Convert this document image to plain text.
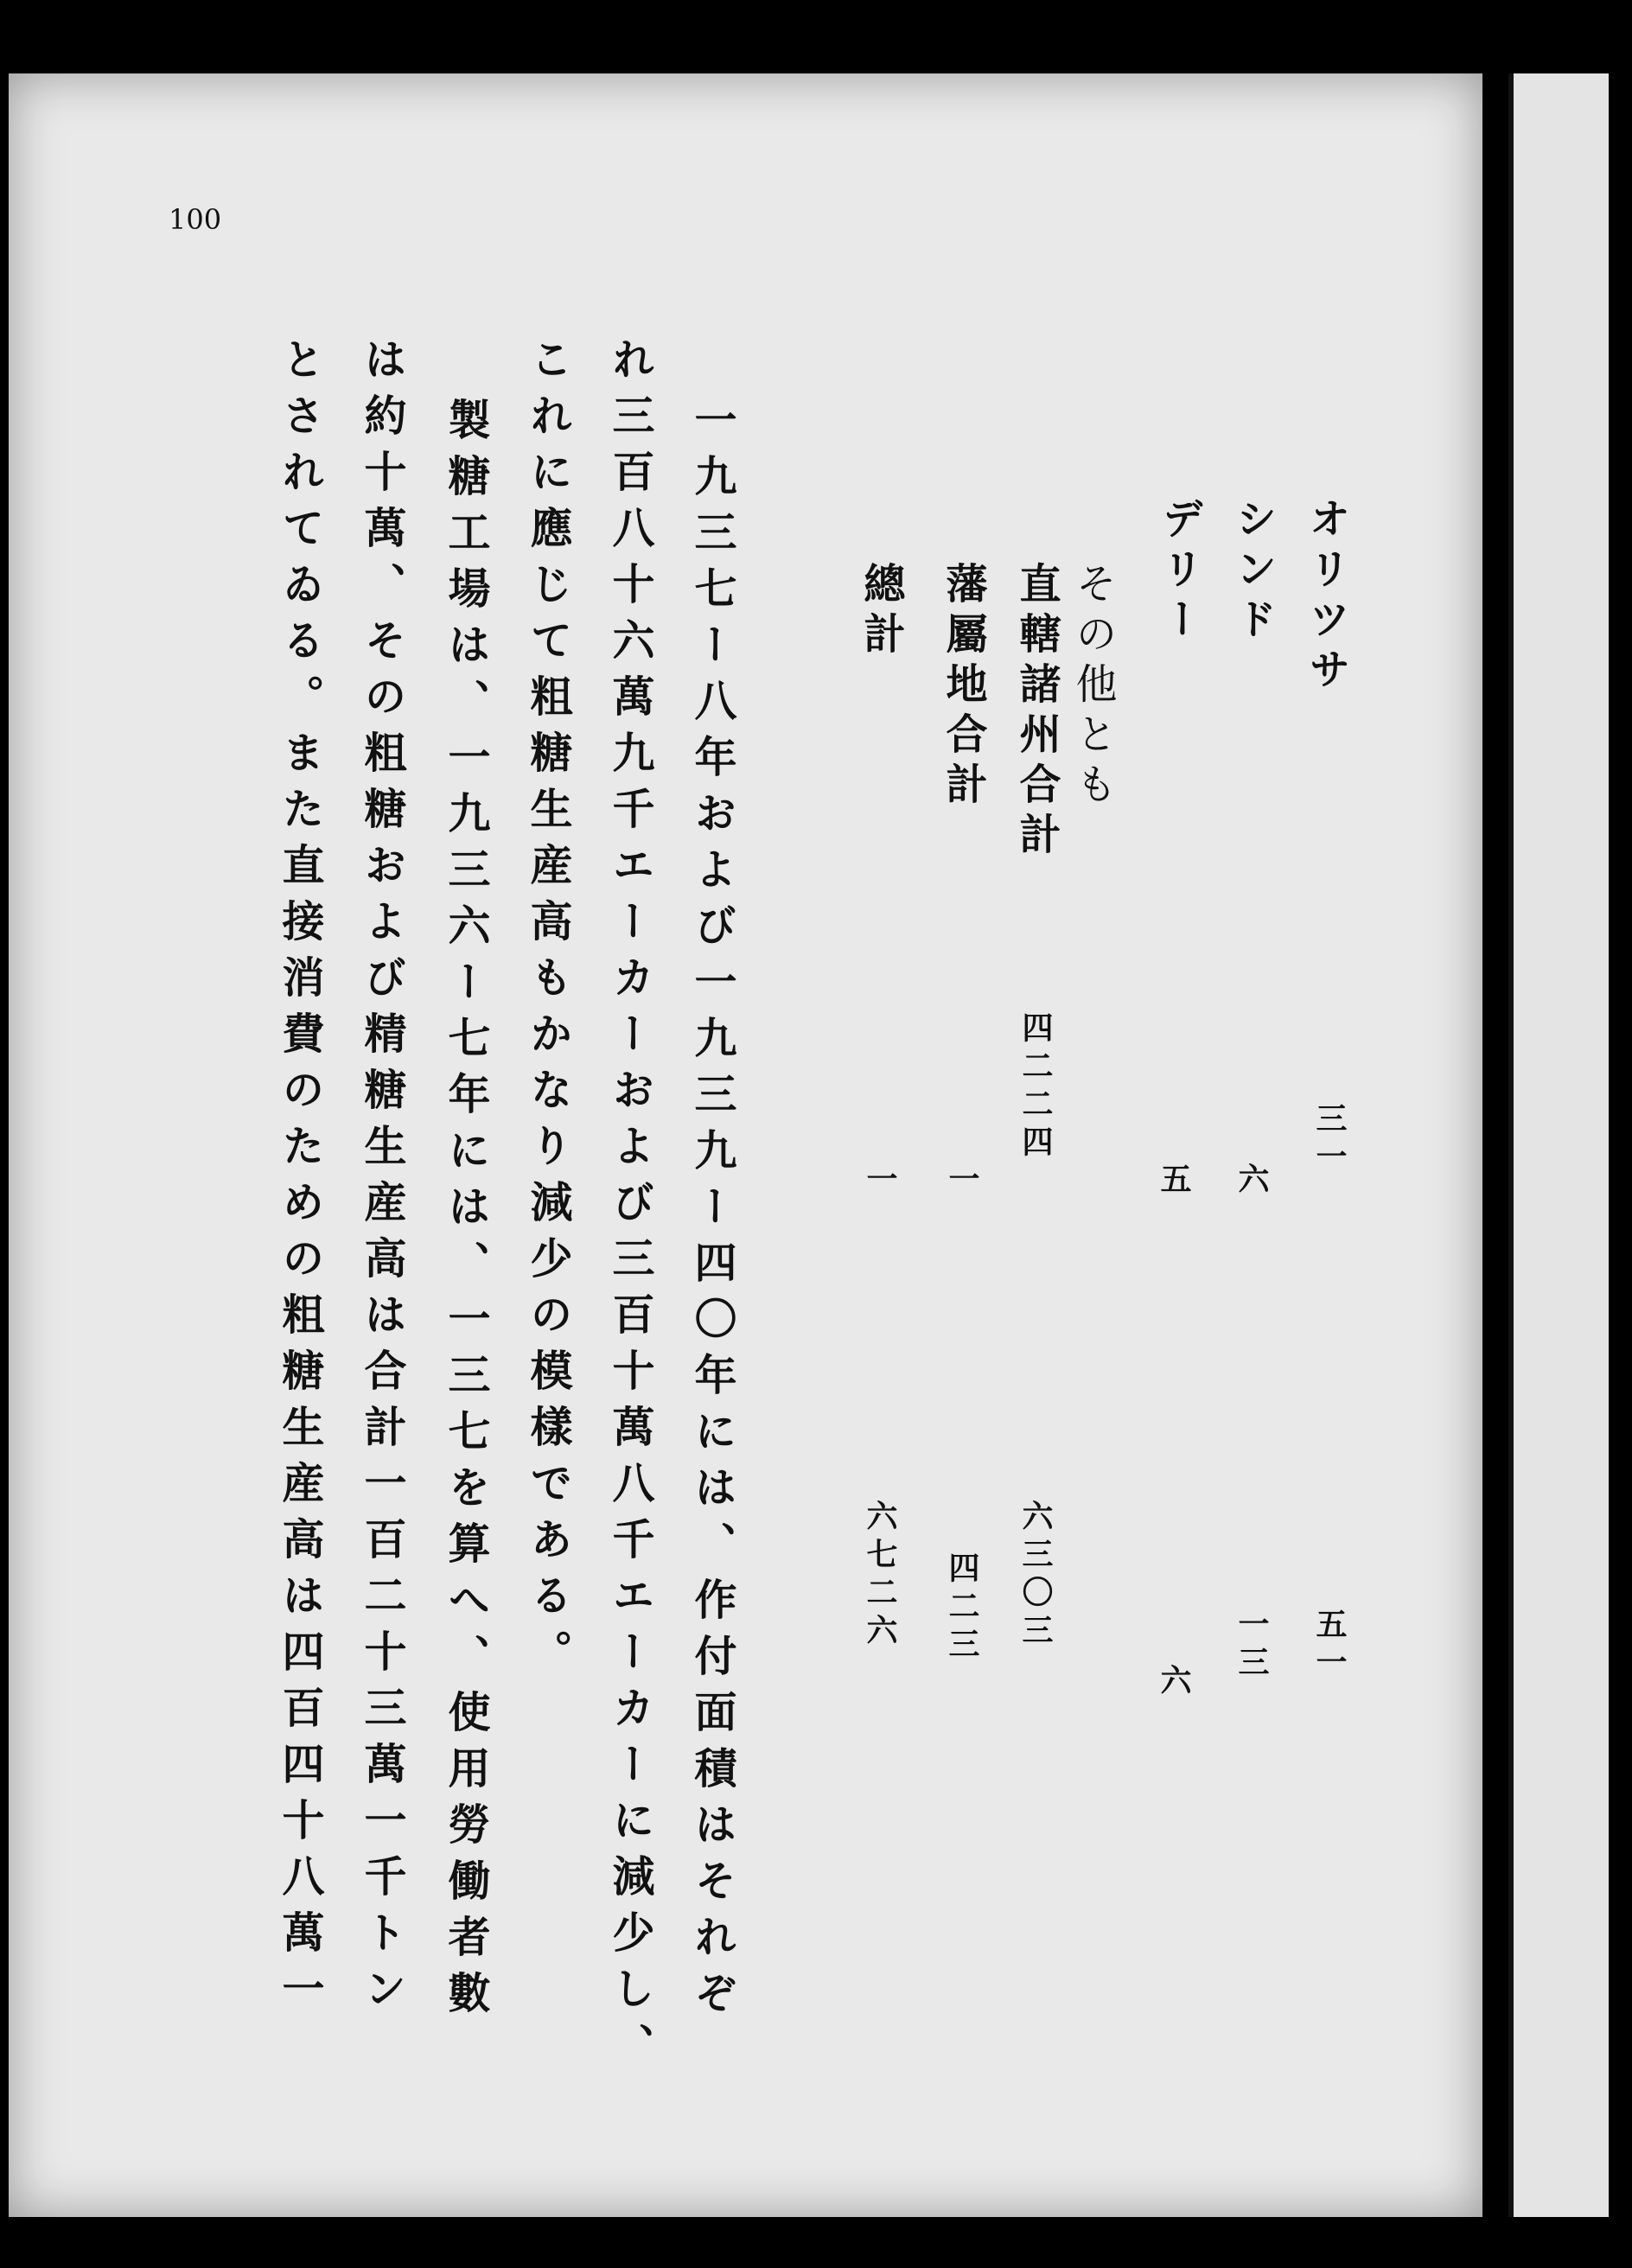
100
オリツサ
シンド
デリー
その他とも
直轄諸州合計
藩屬地合計
總計
三一
六
五
四二二四
一
一
五一
一三
六
六三〇三
四二三
六七二六
一九三七ー八年および一九三九ー四〇年には、作付面積はそれぞ
れ三百八十六萬九千エーカーおよび三百十萬八千エーカーに減少し、
これに應じて粗糖生産高もかなり減少の模樣である。
製糖工場は、一九三六ー七年には、一三七を算へ、使用勞働者數
は約十萬、その粗糖および精糖生産高は合計一百二十三萬一千トン
とされてゐる。また直接消費のための粗糖生産高は四百四十八萬一
